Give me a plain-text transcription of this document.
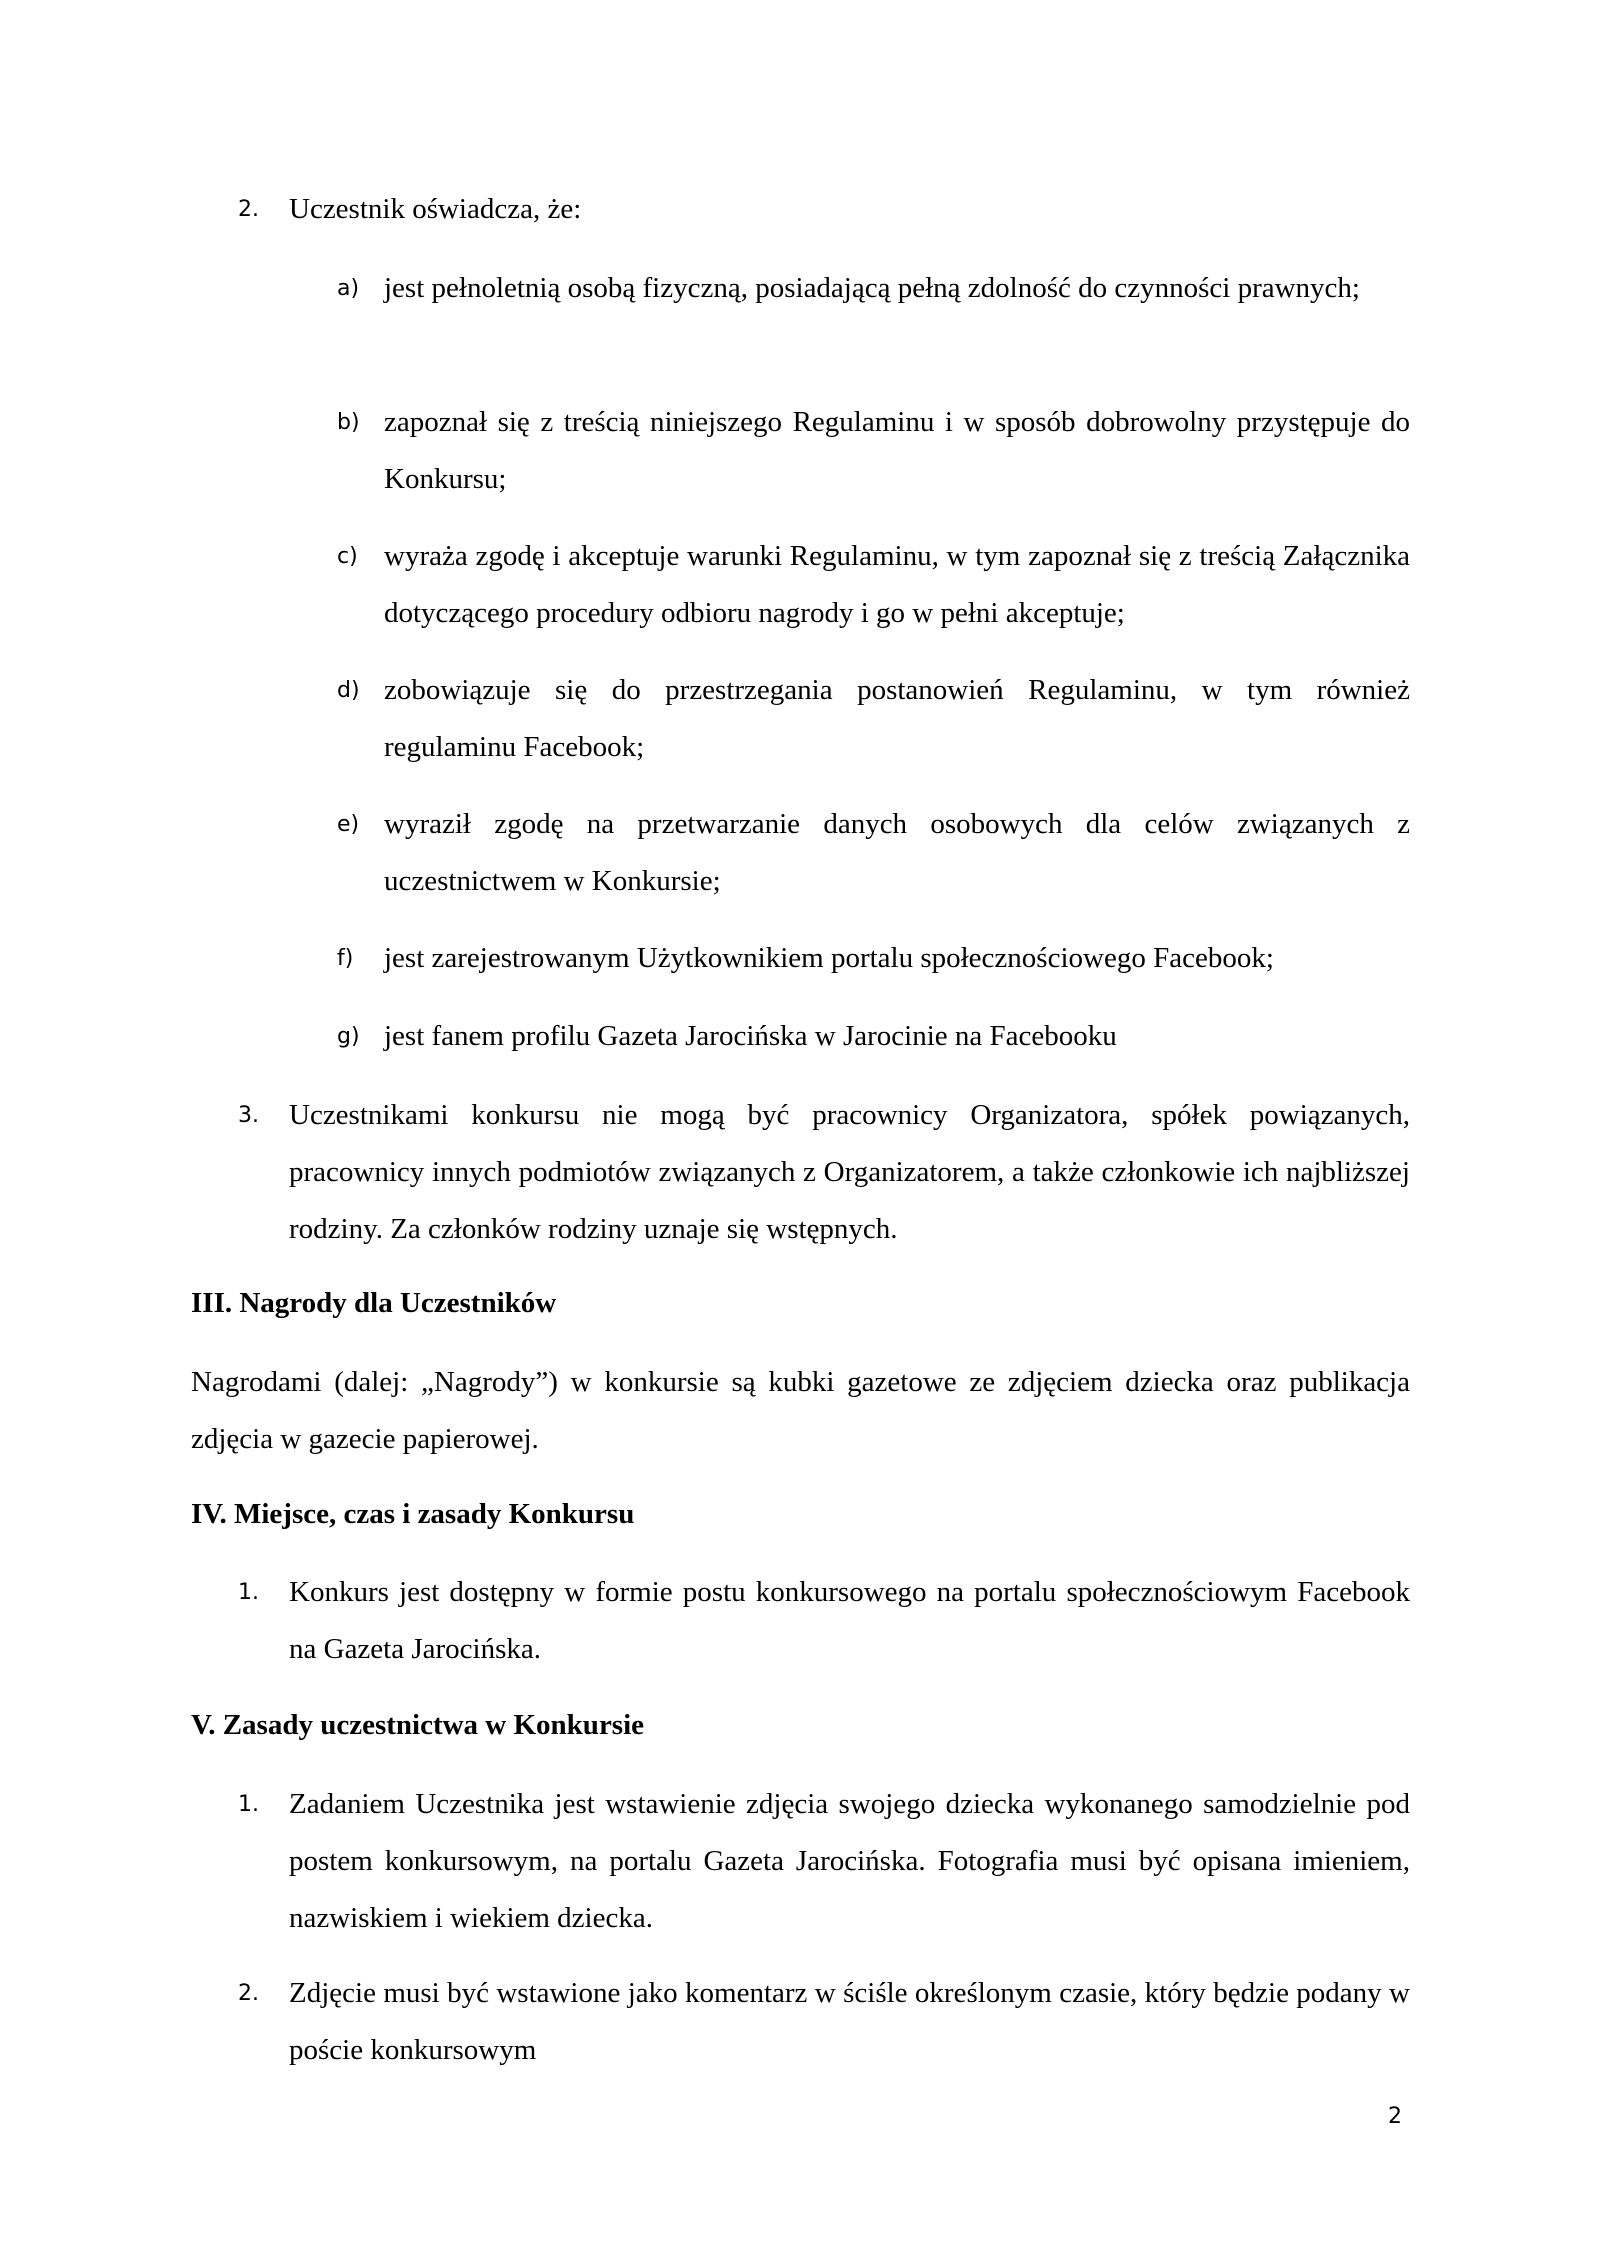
2. Uczestnik oświadcza, że:
a) jest pełnoletnią osobą fizyczną, posiadającą pełną zdolność do czynności prawnych;
b) zapoznał się z treścią niniejszego Regulaminu i w sposób dobrowolny przystępuje do Konkursu;
c) wyraża zgodę i akceptuje warunki Regulaminu, w tym zapoznał się z treścią Załącznika dotyczącego procedury odbioru nagrody i go w pełni akceptuje;
d) zobowiązuje się do przestrzegania postanowień Regulaminu, w tym również regulaminu Facebook;
e) wyraził zgodę na przetwarzanie danych osobowych dla celów związanych z uczestnictwem w Konkursie;
f) jest zarejestrowanym Użytkownikiem portalu społecznościowego Facebook;
g) jest fanem profilu Gazeta Jarocińska w Jarocinie na Facebooku
3. Uczestnikami konkursu nie mogą być pracownicy Organizatora, spółek powiązanych, pracownicy innych podmiotów związanych z Organizatorem, a także członkowie ich najbliższej rodziny. Za członków rodziny uznaje się wstępnych.
III. Nagrody dla Uczestników
Nagrodami (dalej: „Nagrody”) w konkursie są kubki gazetowe ze zdjęciem dziecka oraz publikacja zdjęcia w gazecie papierowej.
IV. Miejsce, czas i zasady Konkursu
1. Konkurs jest dostępny w formie postu konkursowego na portalu społecznościowym Facebook na Gazeta Jarocińska.
V. Zasady uczestnictwa w Konkursie
1. Zadaniem Uczestnika jest wstawienie zdjęcia swojego dziecka wykonanego samodzielnie pod postem konkursowym, na portalu Gazeta Jarocińska. Fotografia musi być opisana imieniem, nazwiskiem i wiekiem dziecka.
2. Zdjęcie musi być wstawione jako komentarz w ściśle określonym czasie, który będzie podany w poście konkursowym
2
